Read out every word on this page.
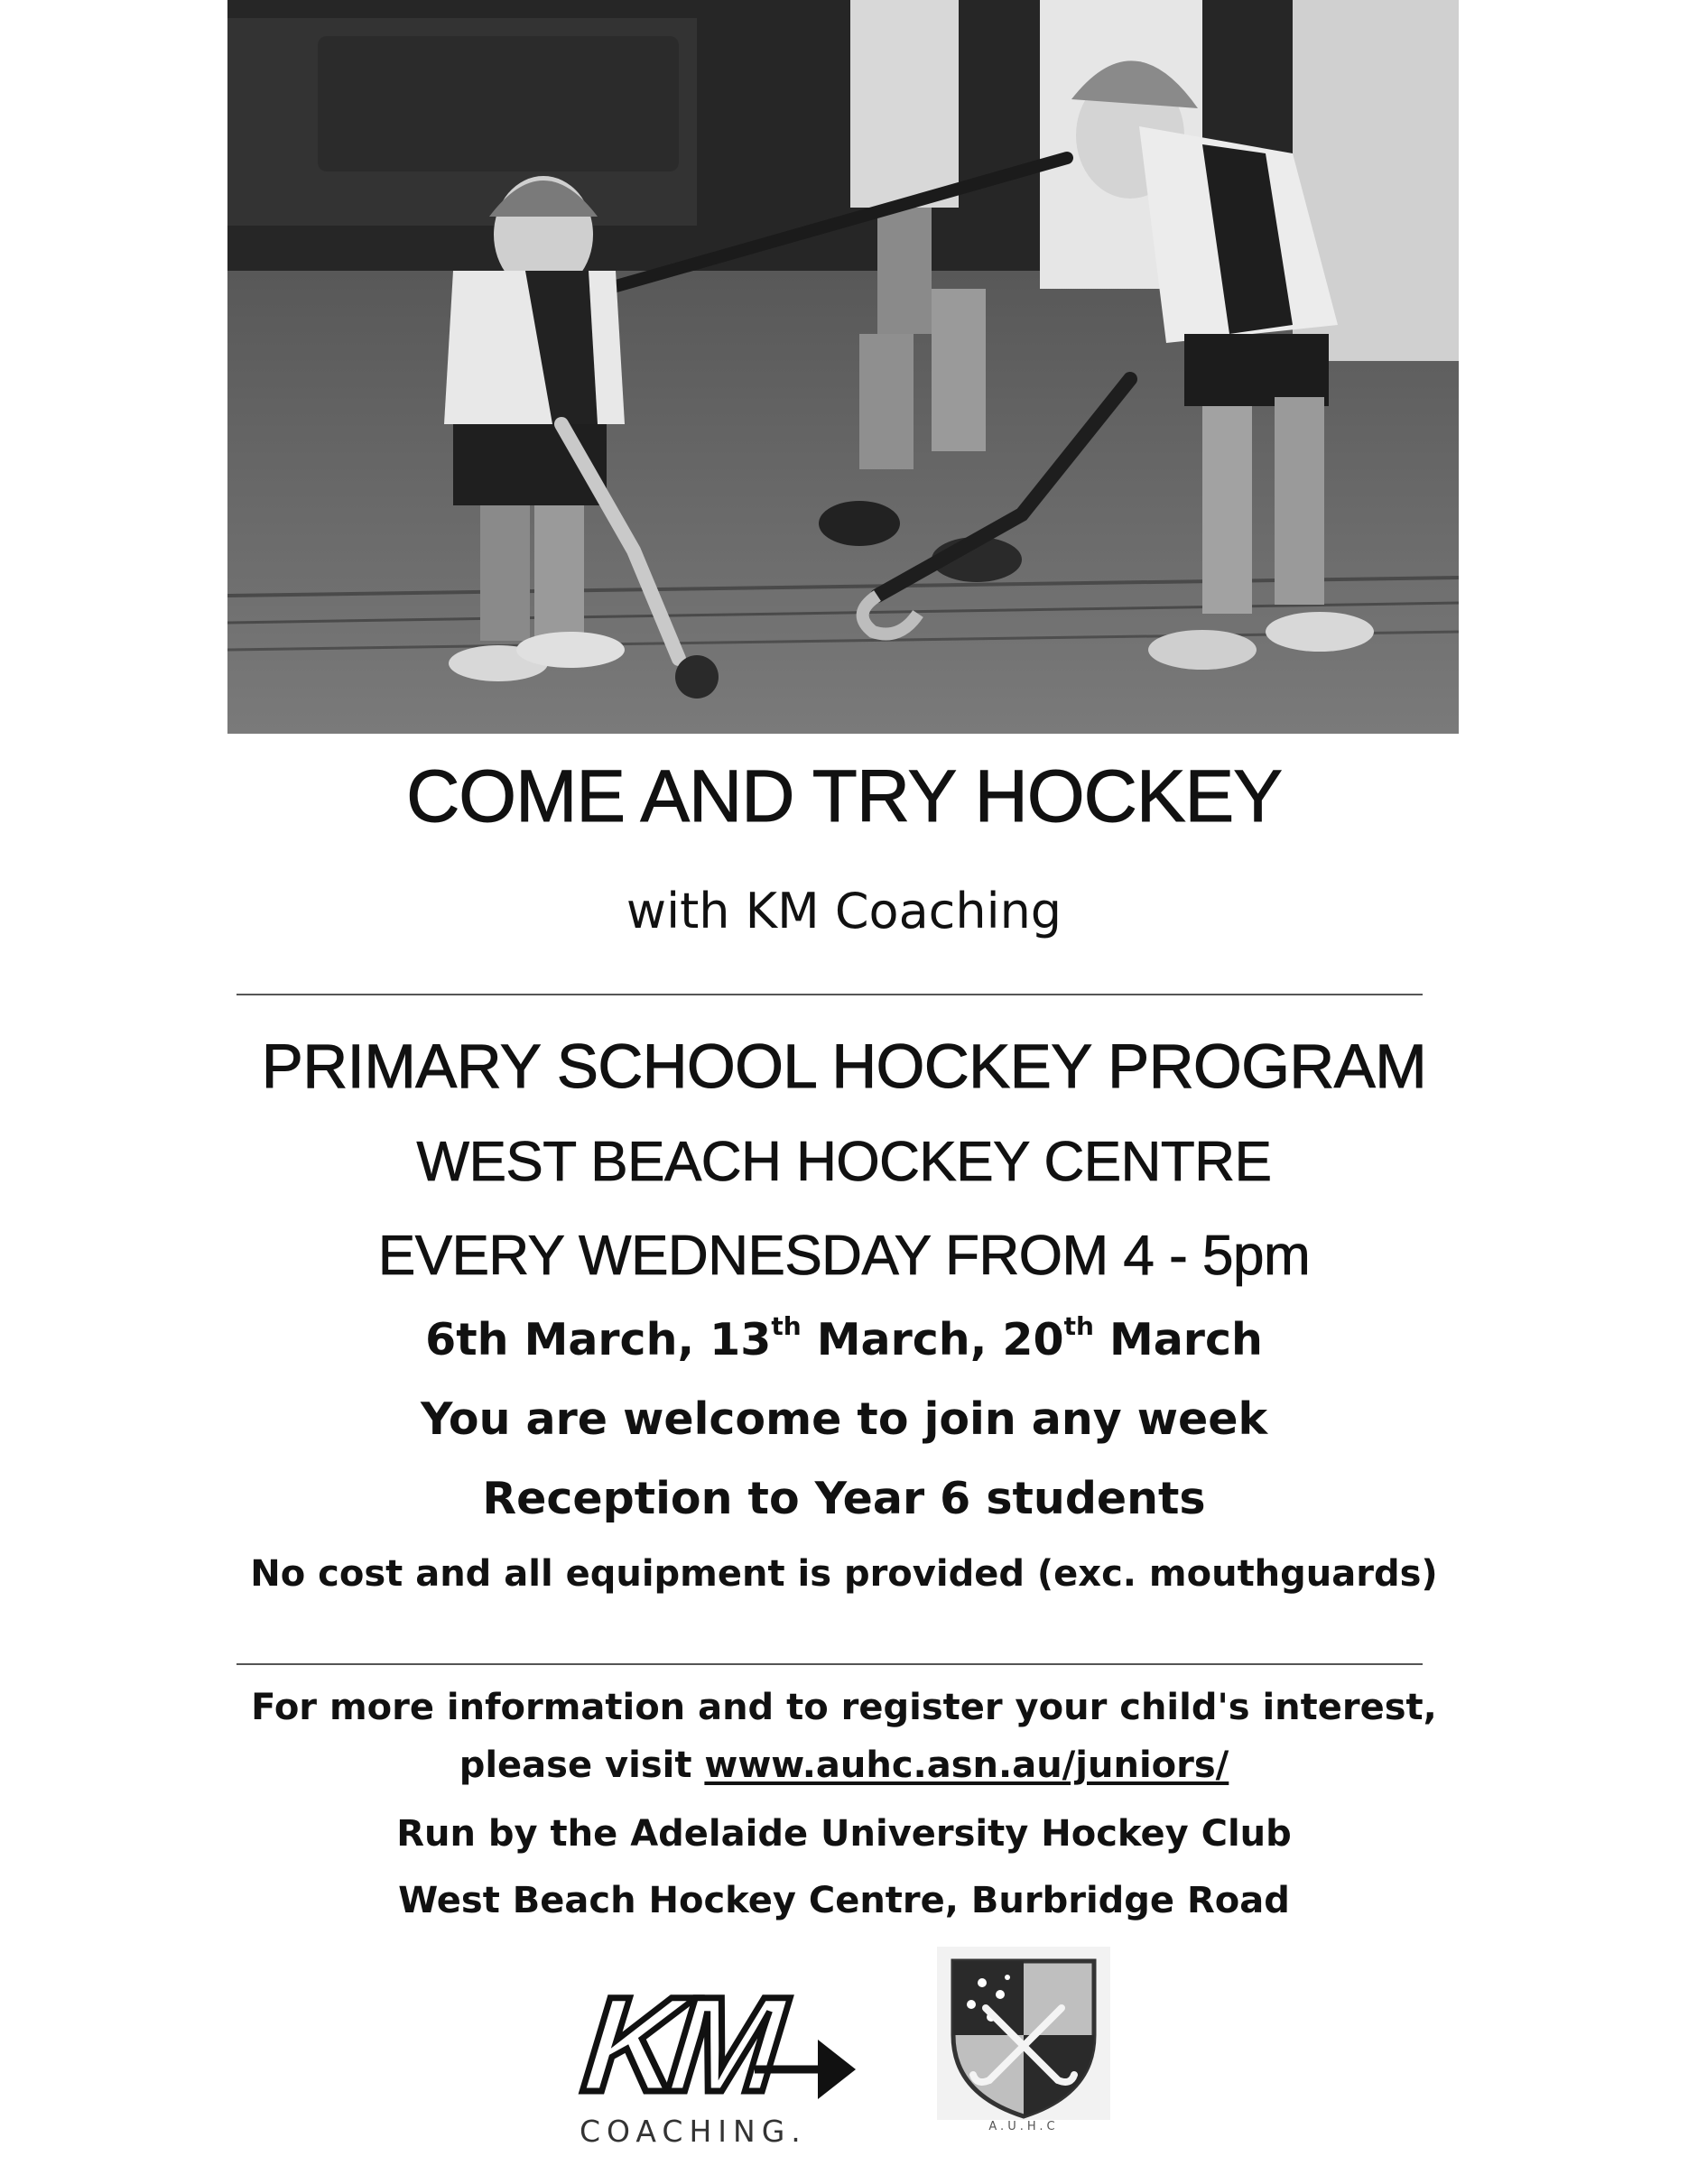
COME AND TRY HOCKEY

with KM Coaching

PRIMARY SCHOOL HOCKEY PROGRAM

WEST BEACH HOCKEY CENTRE

EVERY WEDNESDAY FROM 4 - 5pm

6th March, 13th March, 20th March

You are welcome to join any week

Reception to Year 6 students

No cost and all equipment is provided (exc. mouthguards)

For more information and to register your child's interest,

please visit www.auhc.asn.au/juniors/

Run by the Adelaide University Hockey Club

West Beach Hockey Centre, Burbridge Road

KM
COACHING.	A.U.H.C
